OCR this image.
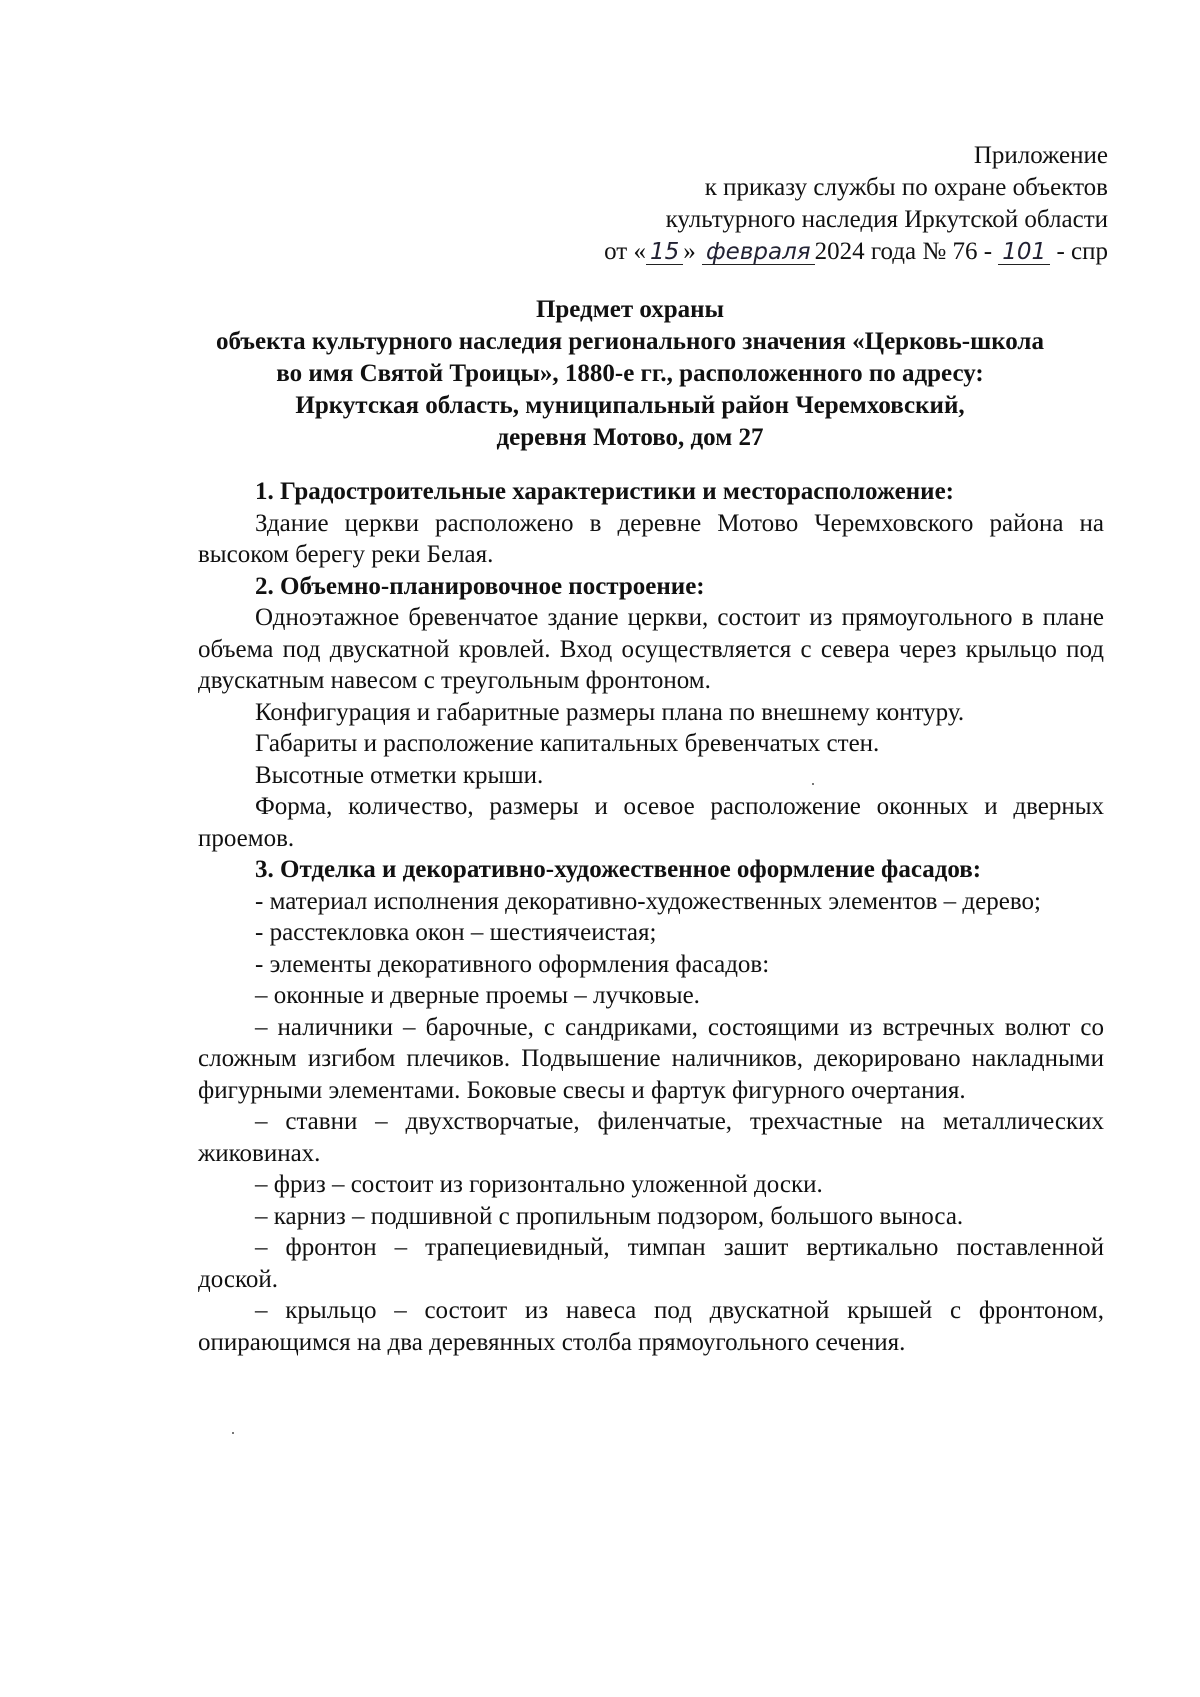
Приложение
к приказу службы по охране объектов
культурного наследия Иркутской области
от « 15 » февраля 2024 года № 76 - 101 - спр
Предмет охраны
объекта культурного наследия регионального значения «Церковь-школа
во имя Святой Троицы», 1880-е гг., расположенного по адресу:
Иркутская область, муниципальный район Черемховский,
деревня Мотово, дом 27

1. Градостроительные характеристики и месторасположение:

Здание церкви расположено в деревне Мотово Черемховского района на высоком берегу реки Белая.

2. Объемно-планировочное построение:

Одноэтажное бревенчатое здание церкви, состоит из прямоугольного в плане объема под двускатной кровлей. Вход осуществляется с севера через крыльцо под двускатным навесом с треугольным фронтоном.

Конфигурация и габаритные размеры плана по внешнему контуру.

Габариты и расположение капитальных бревенчатых стен.

Высотные отметки крыши.

Форма, количество, размеры и осевое расположение оконных и дверных проемов.

3. Отделка и декоративно-художественное оформление фасадов:

- материал исполнения декоративно-художественных элементов – дерево;

- расстекловка окон – шестиячеистая;

- элементы декоративного оформления фасадов:

– оконные и дверные проемы – лучковые.

– наличники – барочные, с сандриками, состоящими из встречных волют со сложным изгибом плечиков. Подвышение наличников, декорировано накладными фигурными элементами. Боковые свесы и фартук фигурного очертания.

– ставни – двухстворчатые, филенчатые, трехчастные на металлических жиковинах.

– фриз – состоит из горизонтально уложенной доски.

– карниз – подшивной с пропильным подзором, большого выноса.

– фронтон – трапециевидный, тимпан зашит вертикально поставленной доской.

– крыльцо – состоит из навеса под двускатной крышей с фронтоном, опирающимся на два деревянных столба прямоугольного сечения.
